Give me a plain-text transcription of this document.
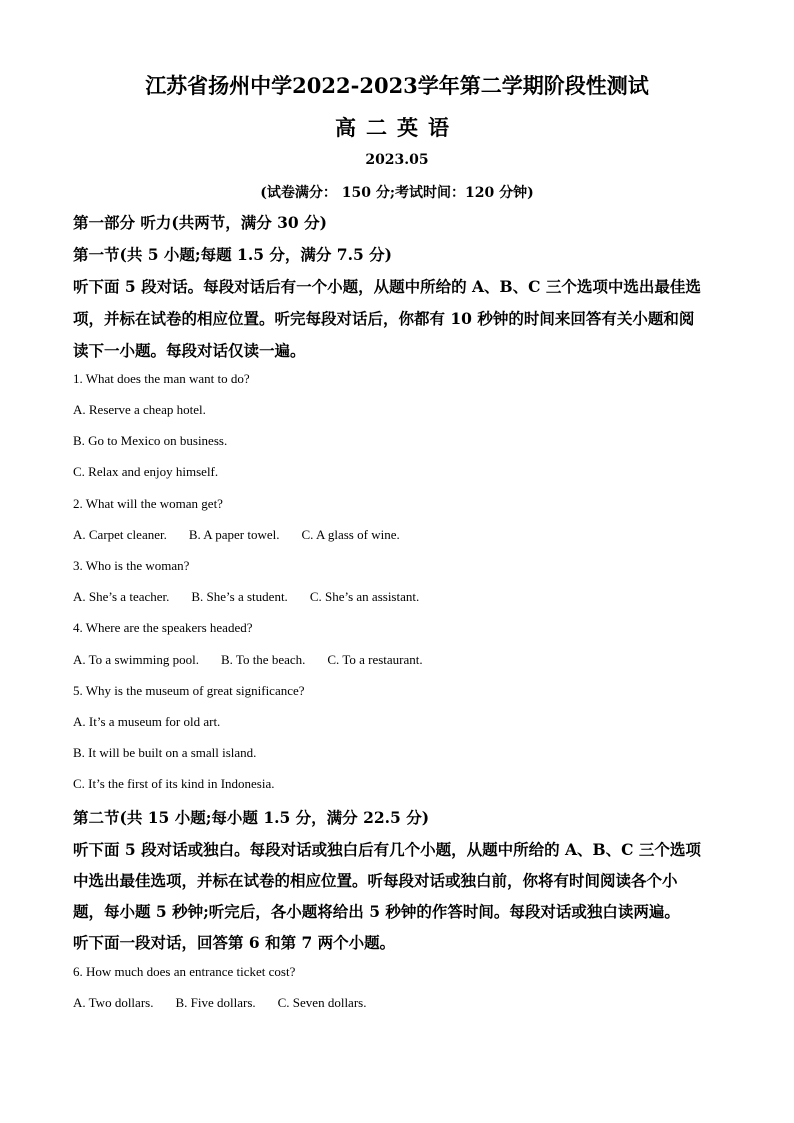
江苏省扬州中学2022-2023学年第二学期阶段性测试
高二英语
2023.05
(试卷满分： 150 分;考试时间：120 分钟)
第一部分 听力(共两节，满分 30 分)
第一节(共 5 小题;每题 1.5 分，满分 7.5 分)
听下面 5 段对话。每段对话后有一个小题，从题中所给的 A、B、C 三个选项中选出最佳选
项，并标在试卷的相应位置。听完每段对话后，你都有 10 秒钟的时间来回答有关小题和阅
读下一小题。每段对话仅读一遍。
1. What does the man want to do?
A. Reserve a cheap hotel.
B. Go to Mexico on business.
C. Relax and enjoy himself.
2. What will the woman get?
A. Carpet cleaner. B. A paper towel. C. A glass of wine.
3. Who is the woman?
A. She’s a teacher. B. She’s a student. C. She’s an assistant.
4. Where are the speakers headed?
A. To a swimming pool. B. To the beach. C. To a restaurant.
5. Why is the museum of great significance?
A. It’s a museum for old art.
B. It will be built on a small island.
C. It’s the first of its kind in Indonesia.
第二节(共 15 小题;每小题 1.5 分，满分 22.5 分)
听下面 5 段对话或独白。每段对话或独白后有几个小题，从题中所给的 A、B、C 三个选项
中选出最佳选项，并标在试卷的相应位置。听每段对话或独白前，你将有时间阅读各个小
题，每小题 5 秒钟;听完后，各小题将给出 5 秒钟的作答时间。每段对话或独白读两遍。
听下面一段对话，回答第 6 和第 7 两个小题。
6. How much does an entrance ticket cost?
A. Two dollars. B. Five dollars. C. Seven dollars.
